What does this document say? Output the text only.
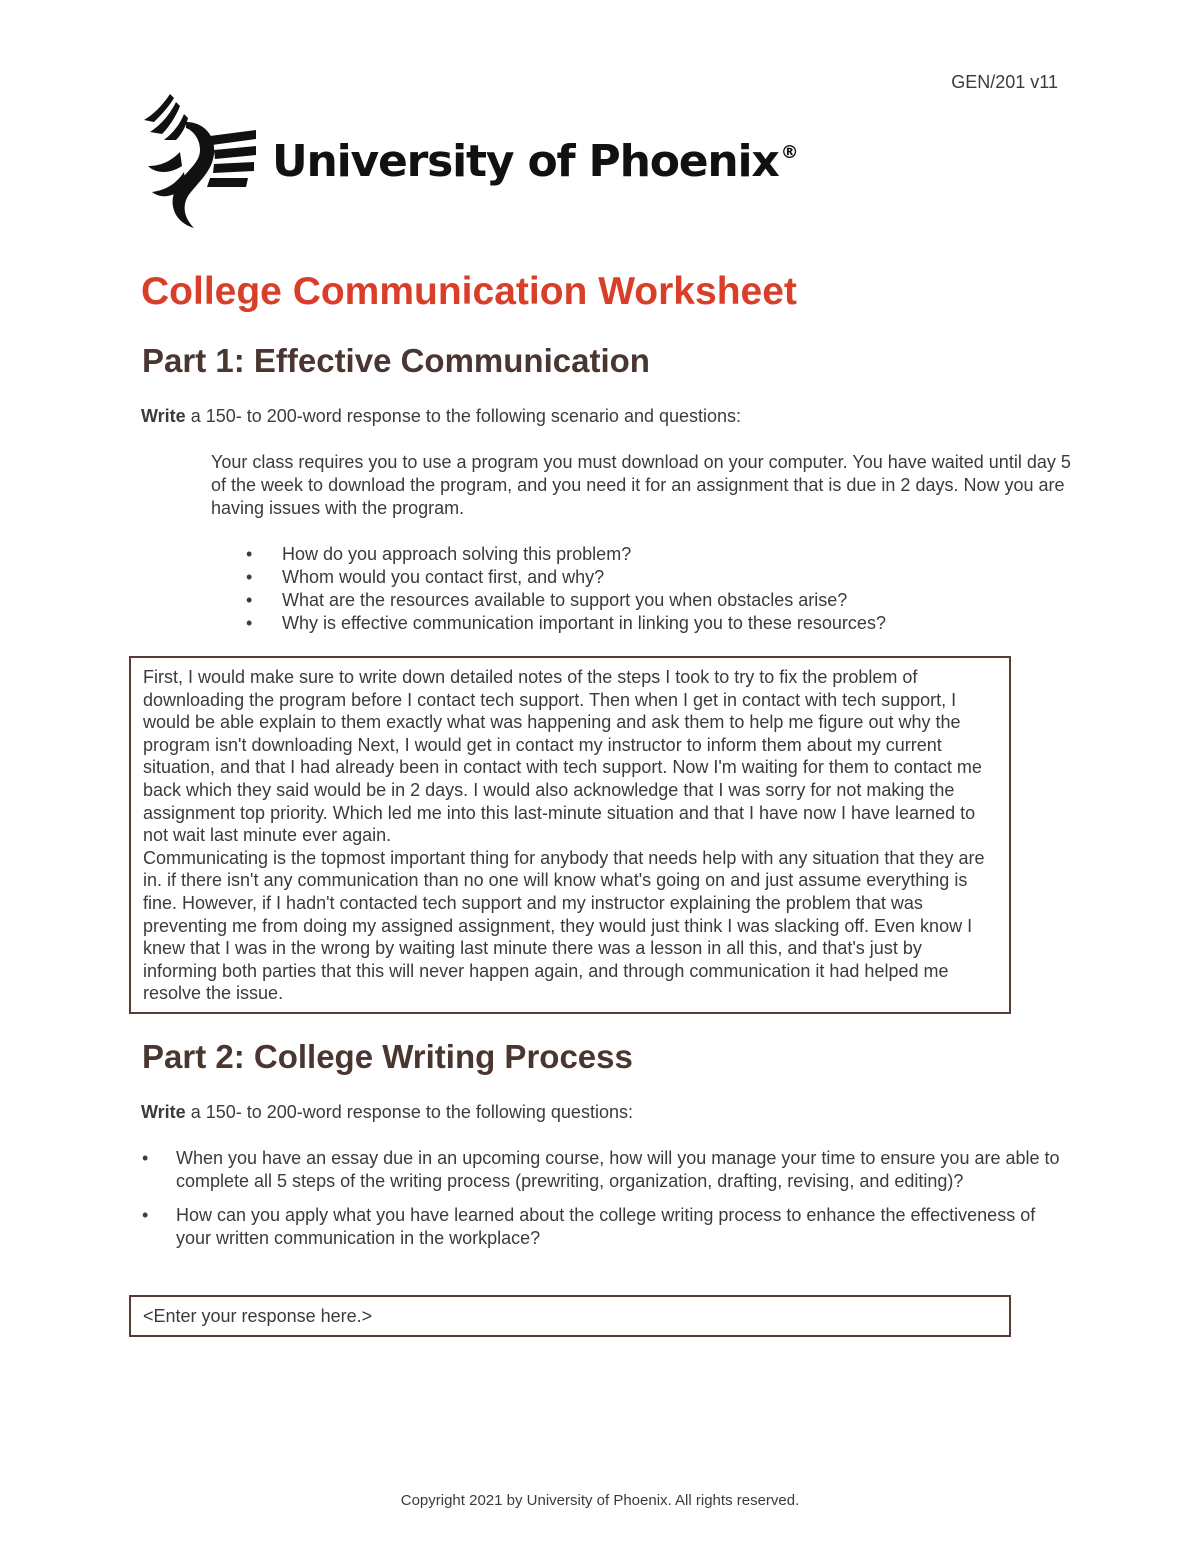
GEN/201 v11
University of Phoenix ®
College Communication Worksheet
Part 1: Effective Communication
Write a 150- to 200-word response to the following scenario and questions:
Your class requires you to use a program you must download on your computer. You have waited until day 5 of the week to download the program, and you need it for an assignment that is due in 2 days. Now you are having issues with the program.
• How do you approach solving this problem?
• Whom would you contact first, and why?
• What are the resources available to support you when obstacles arise?
• Why is effective communication important in linking you to these resources?

First, I would make sure to write down detailed notes of the steps I took to try to fix the problem of downloading the program before I contact tech support. Then when I get in contact with tech support, I would be able explain to them exactly what was happening and ask them to help me figure out why the program isn't downloading Next, I would get in contact my instructor to inform them about my current situation, and that I had already been in contact with tech support. Now I'm waiting for them to contact me back which they said would be in 2 days. I would also acknowledge that I was sorry for not making the assignment top priority. Which led me into this last-minute situation and that I have now I have learned to not wait last minute ever again.

Communicating is the topmost important thing for anybody that needs help with any situation that they are in. if there isn't any communication than no one will know what's going on and just assume everything is fine. However, if I hadn't contacted tech support and my instructor explaining the problem that was preventing me from doing my assigned assignment, they would just think I was slacking off. Even know I knew that I was in the wrong by waiting last minute there was a lesson in all this, and that's just by informing both parties that this will never happen again, and through communication it had helped me resolve the issue.

Part 2: College Writing Process
Write a 150- to 200-word response to the following questions:
• When you have an essay due in an upcoming course, how will you manage your time to ensure you are able to complete all 5 steps of the writing process (prewriting, organization, drafting, revising, and editing)?
• How can you apply what you have learned about the college writing process to enhance the effectiveness of your written communication in the workplace?

<Enter your response here.>

Copyright 2021 by University of Phoenix. All rights reserved.
